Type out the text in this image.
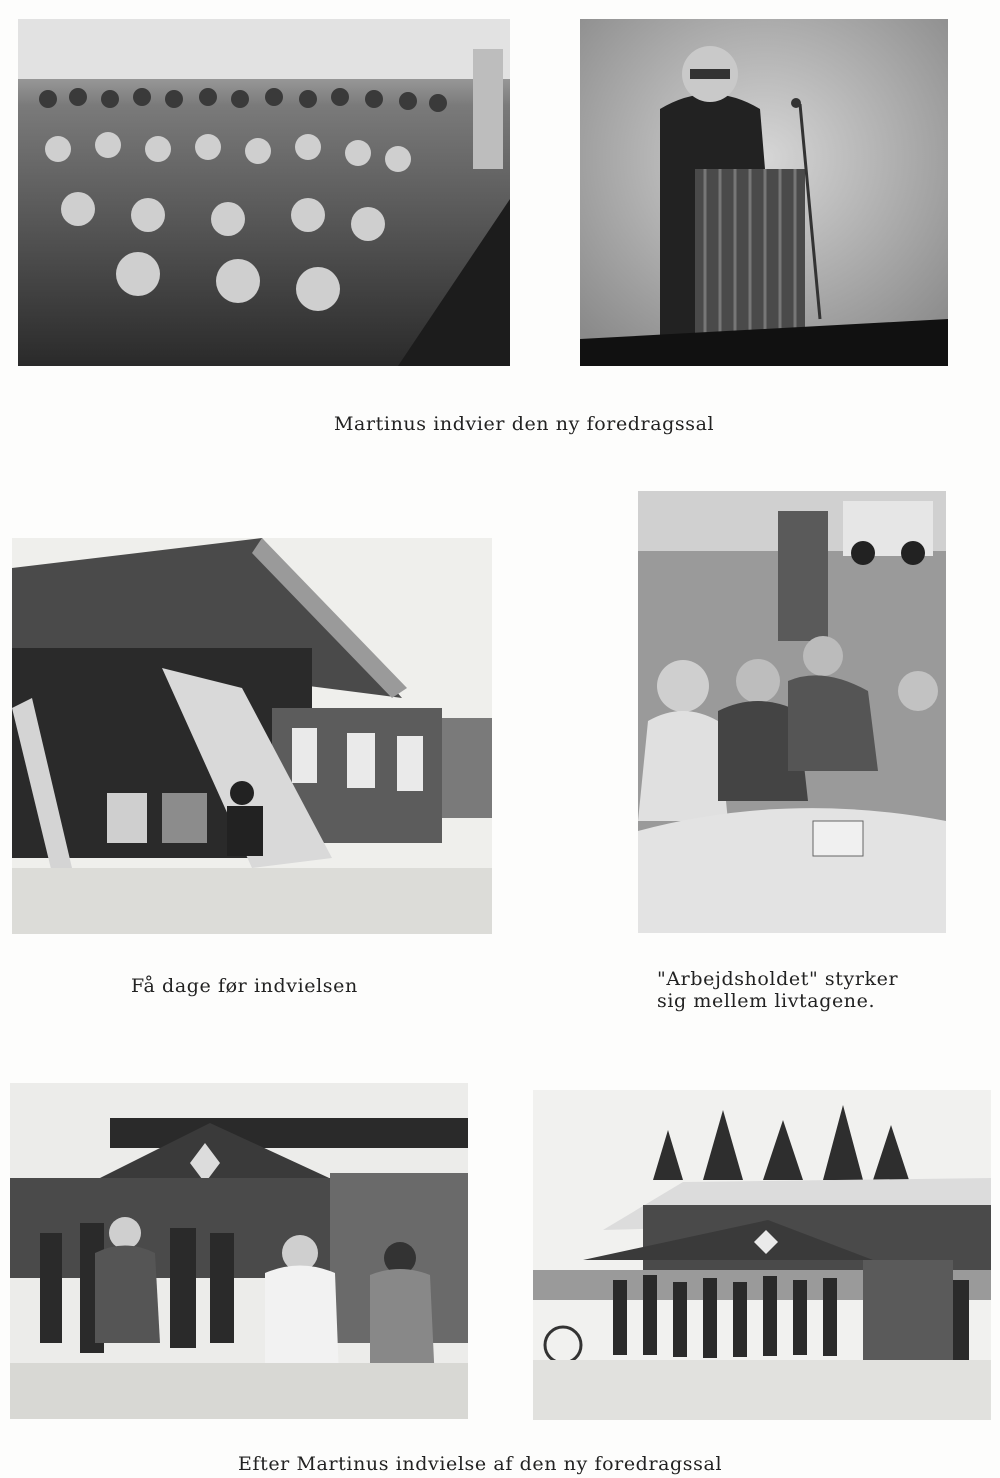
Martinus indvier den ny foredragssal
Få dage før indvielsen	"Arbejdsholdet" styrker
sig mellem livtagene.
Efter Martinus indvielse af den ny foredragssal
